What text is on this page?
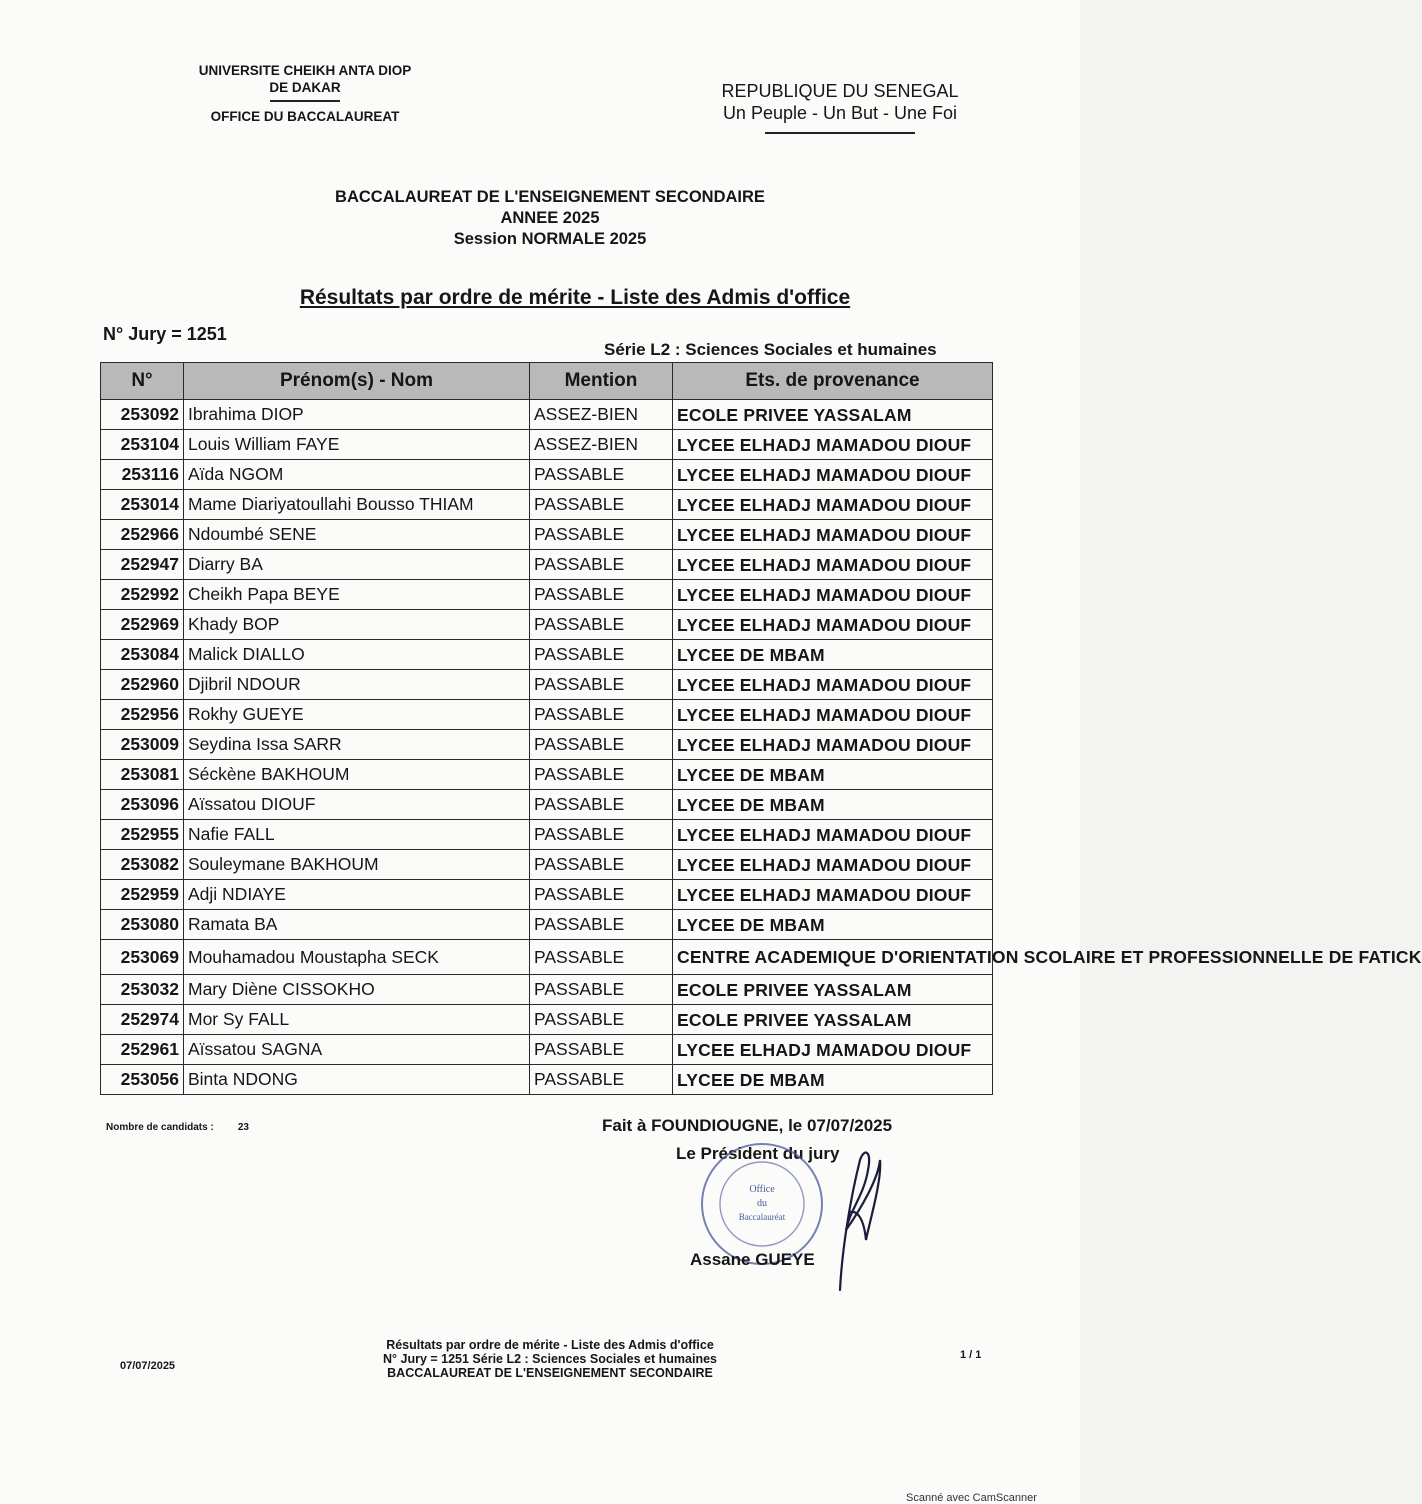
UNIVERSITE CHEIKH ANTA DIOP
DE DAKAR
OFFICE DU BACCALAUREAT
REPUBLIQUE DU SENEGAL
Un Peuple - Un But - Une Foi
BACCALAUREAT DE L'ENSEIGNEMENT SECONDAIRE
ANNEE 2025
Session NORMALE 2025
Résultats par ordre de mérite - Liste des Admis d'office
N° Jury = 1251
Série L2 : Sciences Sociales et humaines
N°	Prénom(s) - Nom	Mention	Ets. de provenance
253092	Ibrahima DIOP	ASSEZ-BIEN	ECOLE PRIVEE YASSALAM
253104	Louis William FAYE	ASSEZ-BIEN	LYCEE ELHADJ MAMADOU DIOUF
253116	Aïda NGOM	PASSABLE	LYCEE ELHADJ MAMADOU DIOUF
253014	Mame Diariyatoullahi Bousso THIAM	PASSABLE	LYCEE ELHADJ MAMADOU DIOUF
252966	Ndoumbé SENE	PASSABLE	LYCEE ELHADJ MAMADOU DIOUF
252947	Diarry BA	PASSABLE	LYCEE ELHADJ MAMADOU DIOUF
252992	Cheikh Papa BEYE	PASSABLE	LYCEE ELHADJ MAMADOU DIOUF
252969	Khady BOP	PASSABLE	LYCEE ELHADJ MAMADOU DIOUF
253084	Malick DIALLO	PASSABLE	LYCEE DE MBAM
252960	Djibril NDOUR	PASSABLE	LYCEE ELHADJ MAMADOU DIOUF
252956	Rokhy GUEYE	PASSABLE	LYCEE ELHADJ MAMADOU DIOUF
253009	Seydina Issa SARR	PASSABLE	LYCEE ELHADJ MAMADOU DIOUF
253081	Séckène BAKHOUM	PASSABLE	LYCEE DE MBAM
253096	Aïssatou DIOUF	PASSABLE	LYCEE DE MBAM
252955	Nafie FALL	PASSABLE	LYCEE ELHADJ MAMADOU DIOUF
253082	Souleymane BAKHOUM	PASSABLE	LYCEE ELHADJ MAMADOU DIOUF
252959	Adji NDIAYE	PASSABLE	LYCEE ELHADJ MAMADOU DIOUF
253080	Ramata BA	PASSABLE	LYCEE DE MBAM
253069	Mouhamadou Moustapha SECK	PASSABLE	CENTRE ACADEMIQUE D'ORIENTATION SCOLAIRE ET PROFESSIONNELLE DE FATICK
253032	Mary Diène CISSOKHO	PASSABLE	ECOLE PRIVEE YASSALAM
252974	Mor Sy FALL	PASSABLE	ECOLE PRIVEE YASSALAM
252961	Aïssatou SAGNA	PASSABLE	LYCEE ELHADJ MAMADOU DIOUF
253056	Binta NDONG	PASSABLE	LYCEE DE MBAM
Nombre de candidats : 23	Fait à FOUNDIOUGNE, le 07/07/2025
Le Président du jury
Office
du
Baccalauréat
Assane GUEYE
Résultats par ordre de mérite - Liste des Admis d'office
N° Jury = 1251 Série L2 : Sciences Sociales et humaines
BACCALAUREAT DE L'ENSEIGNEMENT SECONDAIRE
07/07/2025
1 / 1
Scanné avec CamScanner
